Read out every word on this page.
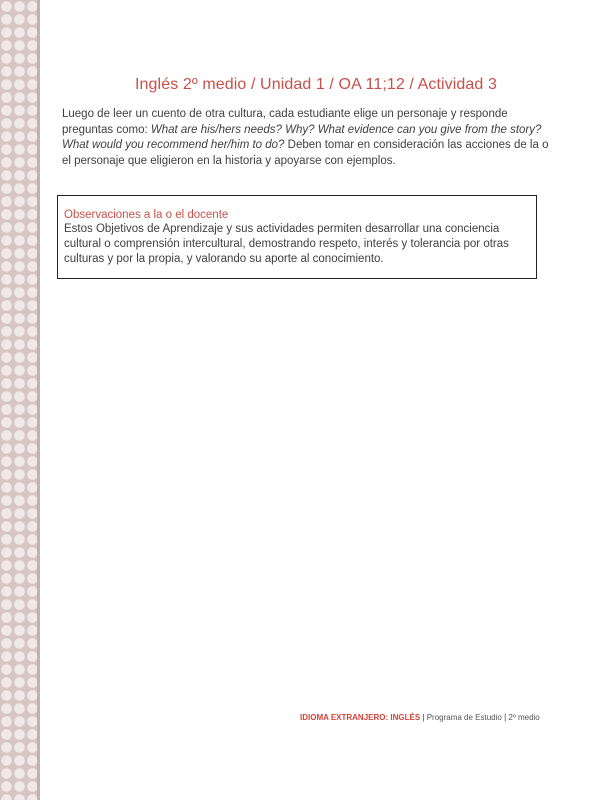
Inglés 2º medio / Unidad 1 / OA 11;12 / Actividad 3
Luego de leer un cuento de otra cultura, cada estudiante elige un personaje y responde
preguntas como: What are his/hers needs? Why? What evidence can you give from the story?
What would you recommend her/him to do? Deben tomar en consideración las acciones de la o
el personaje que eligieron en la historia y apoyarse con ejemplos.
Observaciones a la o el docente
Estos Objetivos de Aprendizaje y sus actividades permiten desarrollar una conciencia cultural o comprensión intercultural, demostrando respeto, interés y tolerancia por otras culturas y por la propia, y valorando su aporte al conocimiento.
IDIOMA EXTRANJERO: INGLÉS | Programa de Estudio | 2º medio
